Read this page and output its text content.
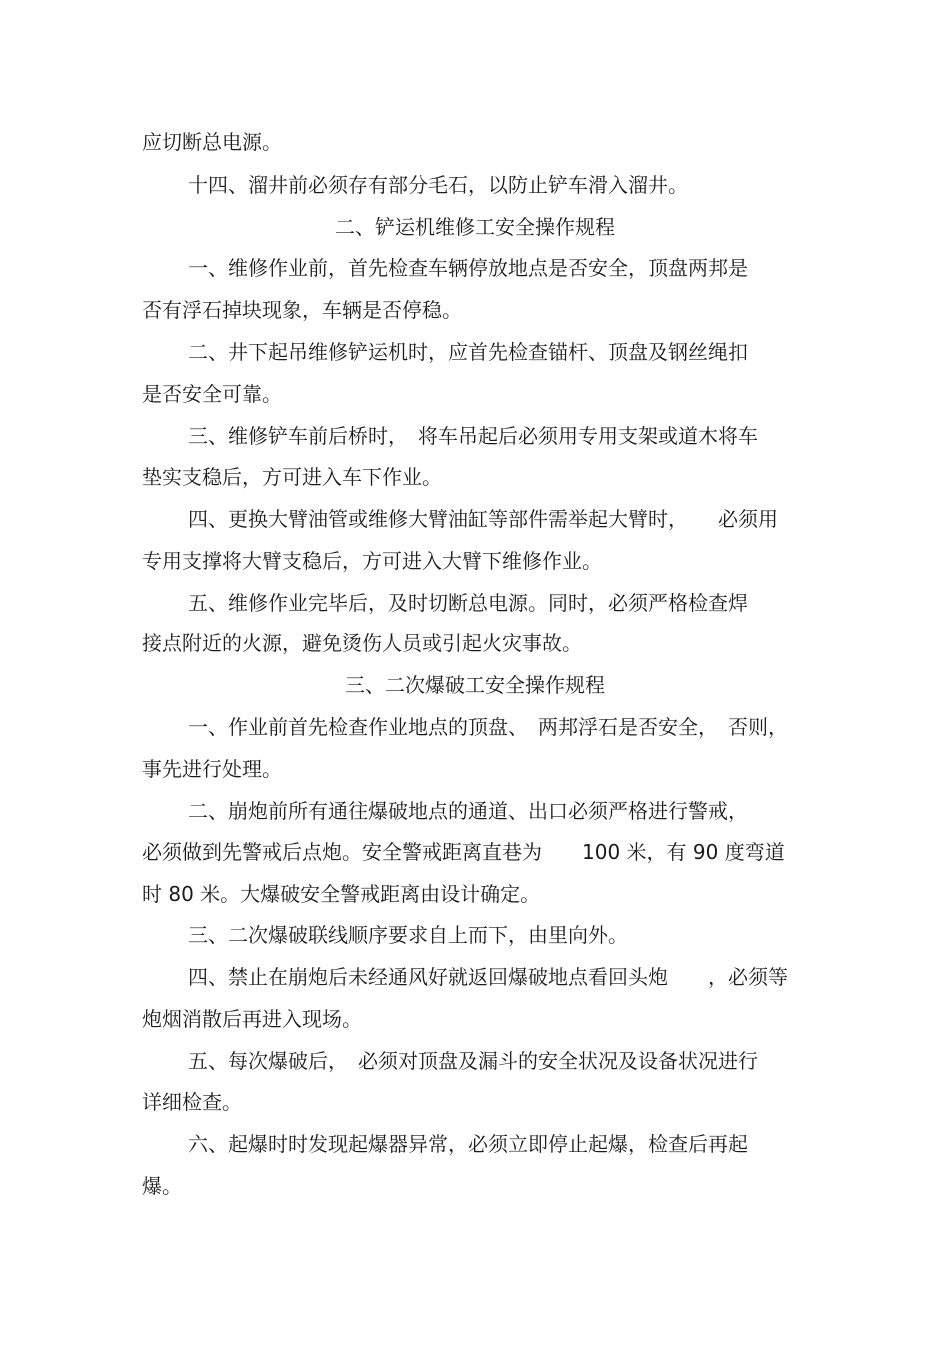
应切断总电源。
十四、溜井前必须存有部分毛石，以防止铲车滑入溜井。
二、铲运机维修工安全操作规程
一、维修作业前，首先检查车辆停放地点是否安全，顶盘两邦是
否有浮石掉块现象，车辆是否停稳。
二、井下起吊维修铲运机时，应首先检查锚杆、顶盘及钢丝绳扣
是否安全可靠。
三、维修铲车前后桥时，　将车吊起后必须用专用支架或道木将车
垫实支稳后，方可进入车下作业。
四、更换大臂油管或维修大臂油缸等部件需举起大臂时，　　必须用
专用支撑将大臂支稳后，方可进入大臂下维修作业。
五、维修作业完毕后，及时切断总电源。同时，必须严格检查焊
接点附近的火源，避免烫伤人员或引起火灾事故。
三、二次爆破工安全操作规程
一、作业前首先检查作业地点的顶盘、　两邦浮石是否安全，　否则，
事先进行处理。
二、崩炮前所有通往爆破地点的通道、出口必须严格进行警戒，
必须做到先警戒后点炮。安全警戒距离直巷为　　100 米，有 90 度弯道
时 80 米。大爆破安全警戒距离由设计确定。
三、二次爆破联线顺序要求自上而下，由里向外。
四、禁止在崩炮后未经通风好就返回爆破地点看回头炮　　，必须等
炮烟消散后再进入现场。
五、每次爆破后，　必须对顶盘及漏斗的安全状况及设备状况进行
详细检查。
六、起爆时时发现起爆器异常，必须立即停止起爆，检查后再起
爆。
